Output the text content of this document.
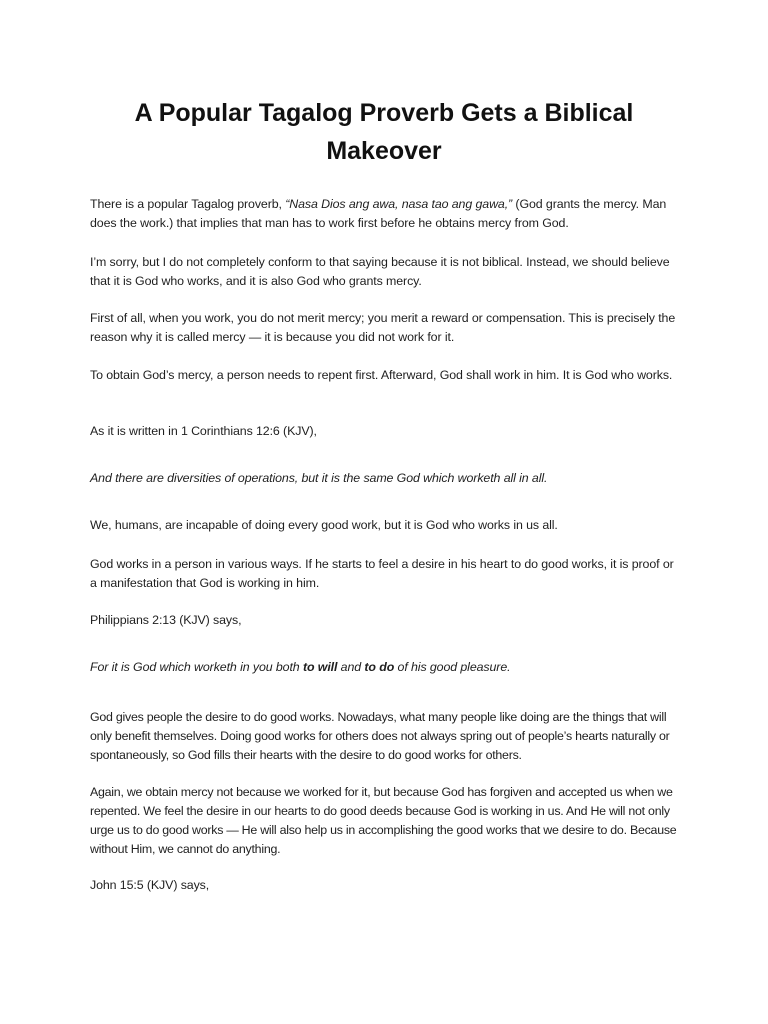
A Popular Tagalog Proverb Gets a Biblical Makeover

There is a popular Tagalog proverb, “Nasa Dios ang awa, nasa tao ang gawa,” (God grants the mercy. Man does the work.) that implies that man has to work first before he obtains mercy from God.

I’m sorry, but I do not completely conform to that saying because it is not biblical. Instead, we should believe that it is God who works, and it is also God who grants mercy.

First of all, when you work, you do not merit mercy; you merit a reward or compensation. This is precisely the reason why it is called mercy — it is because you did not work for it.

To obtain God’s mercy, a person needs to repent first. Afterward, God shall work in him. It is God who works.

As it is written in 1 Corinthians 12:6 (KJV),

And there are diversities of operations, but it is the same God which worketh all in all.

We, humans, are incapable of doing every good work, but it is God who works in us all.

God works in a person in various ways. If he starts to feel a desire in his heart to do good works, it is proof or a manifestation that God is working in him.

Philippians 2:13 (KJV) says,

For it is God which worketh in you both to will and to do of his good pleasure.

God gives people the desire to do good works. Nowadays, what many people like doing are the things that will only benefit themselves. Doing good works for others does not always spring out of people’s hearts naturally or spontaneously, so God fills their hearts with the desire to do good works for others.

Again, we obtain mercy not because we worked for it, but because God has forgiven and accepted us when we repented. We feel the desire in our hearts to do good deeds because God is working in us. And He will not only urge us to do good works — He will also help us in accomplishing the good works that we desire to do. Because without Him, we cannot do anything.

John 15:5 (KJV) says,
